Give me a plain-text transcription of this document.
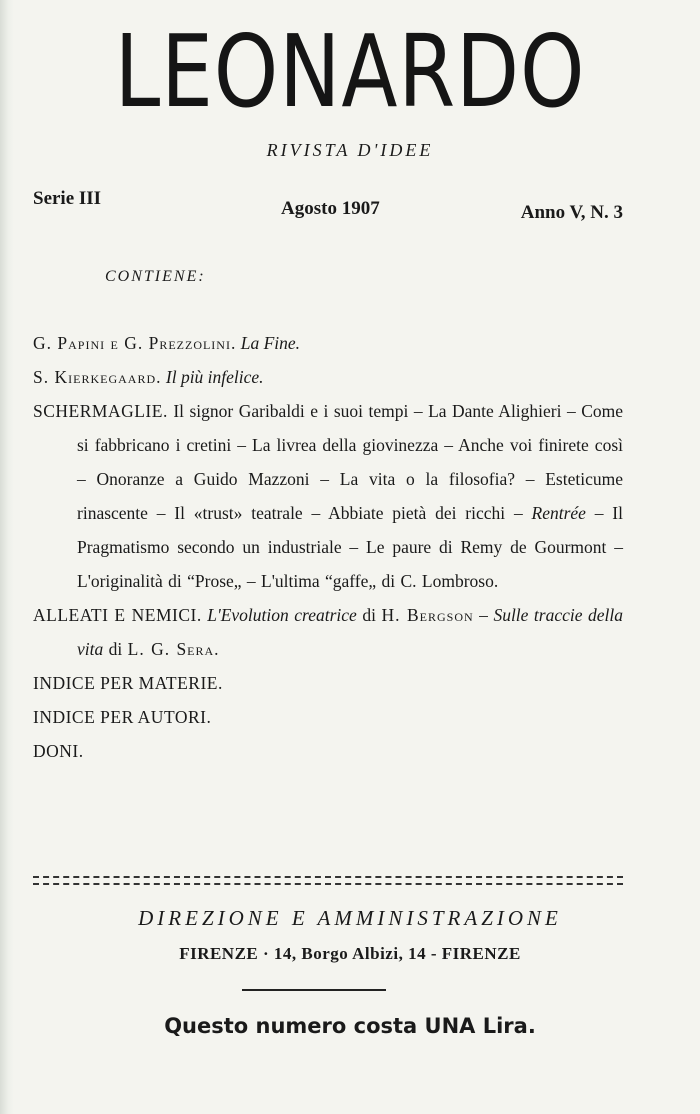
LEONARDO
RIVISTA D'IDEE
Serie III	Agosto 1907	Anno V, N. 3
CONTIENE:

G. Papini e G. Prezzolini. La Fine.

S. Kierkegaard. Il più infelice.

SCHERMAGLIE. Il signor Garibaldi e i suoi tempi – La Dante Alighieri – Come si fabbricano i cretini – La livrea della giovinezza – Anche voi finirete così – Onoranze a Guido Mazzoni – La vita o la filosofia? – Esteticume rinascente – Il «trust» teatrale – Abbiate pietà dei ricchi – Rentrée – Il Pragmatismo secondo un industriale – Le paure di Remy de Gourmont – L'originalità di “Prose„ – L'ultima “gaffe„ di C. Lombroso.

ALLEATI E NEMICI. L'Evolution creatrice di H. Bergson – Sulle traccie della vita di L. G. Sera.

INDICE PER MATERIE.

INDICE PER AUTORI.

DONI.

DIREZIONE E AMMINISTRAZIONE
FIRENZE · 14, Borgo Albizi, 14 - FIRENZE
Questo numero costa UNA Lira.
